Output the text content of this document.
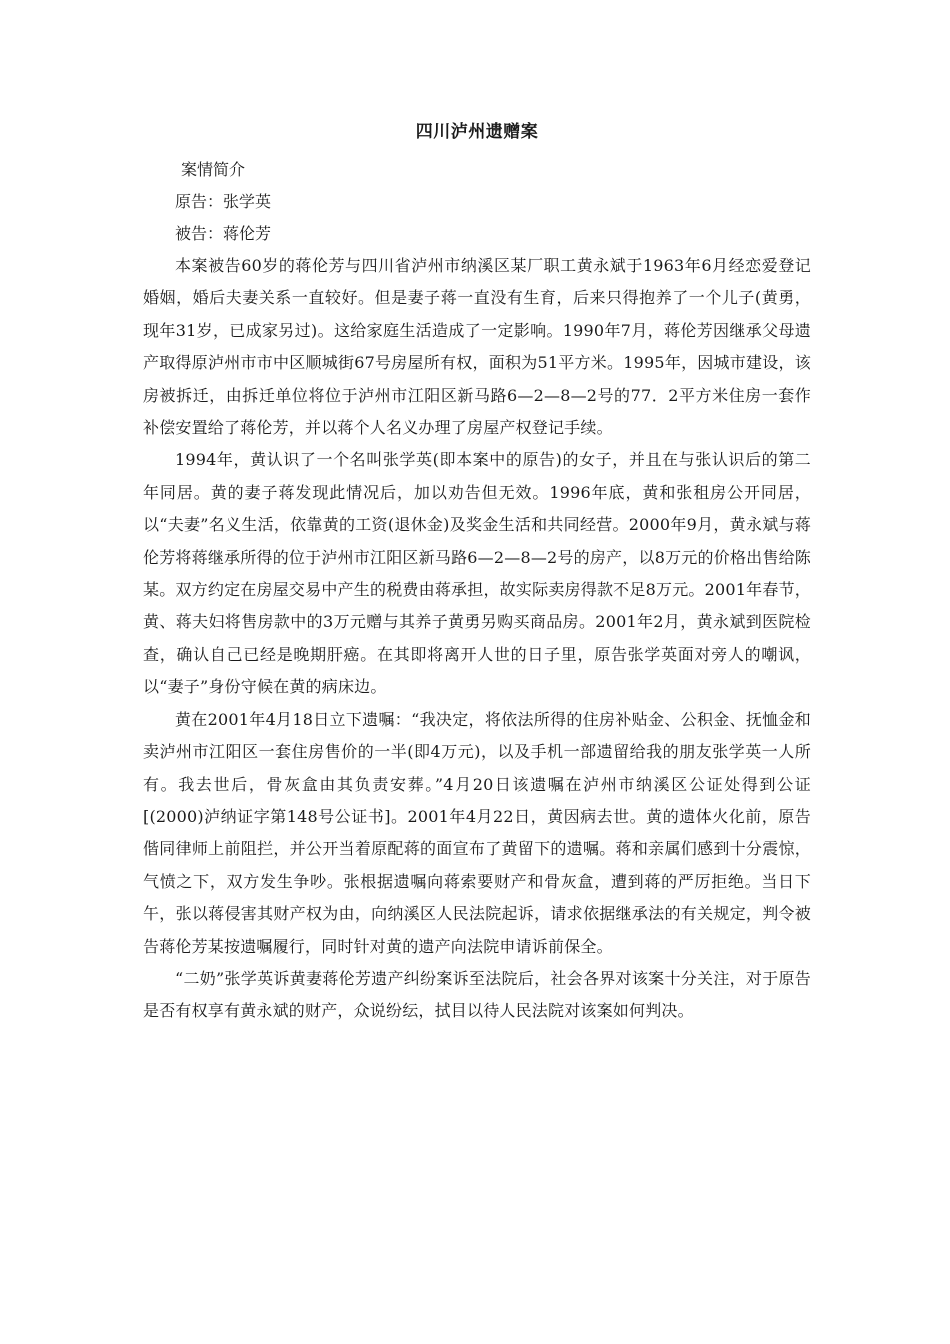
四川泸州遗赠案

案情简介

原告：张学英

被告：蒋伦芳

本案被告60岁的蒋伦芳与四川省泸州市纳溪区某厂职工黄永斌于1963年6月经恋爱登记婚姻，婚后夫妻关系一直较好。但是妻子蒋一直没有生育，后来只得抱养了一个儿子(黄勇，现年31岁，已成家另过)。这给家庭生活造成了一定影响。1990年7月，蒋伦芳因继承父母遗产取得原泸州市市中区顺城街67号房屋所有权，面积为51平方米。1995年，因城市建设，该房被拆迁，由拆迁单位将位于泸州市江阳区新马路6—2—8—2号的77．2平方米住房一套作补偿安置给了蒋伦芳，并以蒋个人名义办理了房屋产权登记手续。

1994年，黄认识了一个名叫张学英(即本案中的原告)的女子，并且在与张认识后的第二年同居。黄的妻子蒋发现此情况后，加以劝告但无效。1996年底，黄和张租房公开同居，以“夫妻”名义生活，依靠黄的工资(退休金)及奖金生活和共同经营。2000年9月，黄永斌与蒋伦芳将蒋继承所得的位于泸州市江阳区新马路6—2—8—2号的房产，以8万元的价格出售给陈某。双方约定在房屋交易中产生的税费由蒋承担，故实际卖房得款不足8万元。2001年春节，黄、蒋夫妇将售房款中的3万元赠与其养子黄勇另购买商品房。2001年2月，黄永斌到医院检查，确认自己已经是晚期肝癌。在其即将离开人世的日子里，原告张学英面对旁人的嘲讽，以“妻子”身份守候在黄的病床边。

黄在2001年4月18日立下遗嘱：“我决定，将依法所得的住房补贴金、公积金、抚恤金和卖泸州市江阳区一套住房售价的一半(即4万元)，以及手机一部遗留给我的朋友张学英一人所有。我去世后，骨灰盒由其负责安葬。”4月20日该遗嘱在泸州市纳溪区公证处得到公证[(2000)泸纳证字第148号公证书]。2001年4月22日，黄因病去世。黄的遗体火化前，原告偕同律师上前阻拦，并公开当着原配蒋的面宣布了黄留下的遗嘱。蒋和亲属们感到十分震惊，气愤之下，双方发生争吵。张根据遗嘱向蒋索要财产和骨灰盒，遭到蒋的严厉拒绝。当日下午，张以蒋侵害其财产权为由，向纳溪区人民法院起诉，请求依据继承法的有关规定，判令被告蒋伦芳某按遗嘱履行，同时针对黄的遗产向法院申请诉前保全。

“二奶”张学英诉黄妻蒋伦芳遗产纠纷案诉至法院后，社会各界对该案十分关注，对于原告是否有权享有黄永斌的财产，众说纷纭，拭目以待人民法院对该案如何判决。
